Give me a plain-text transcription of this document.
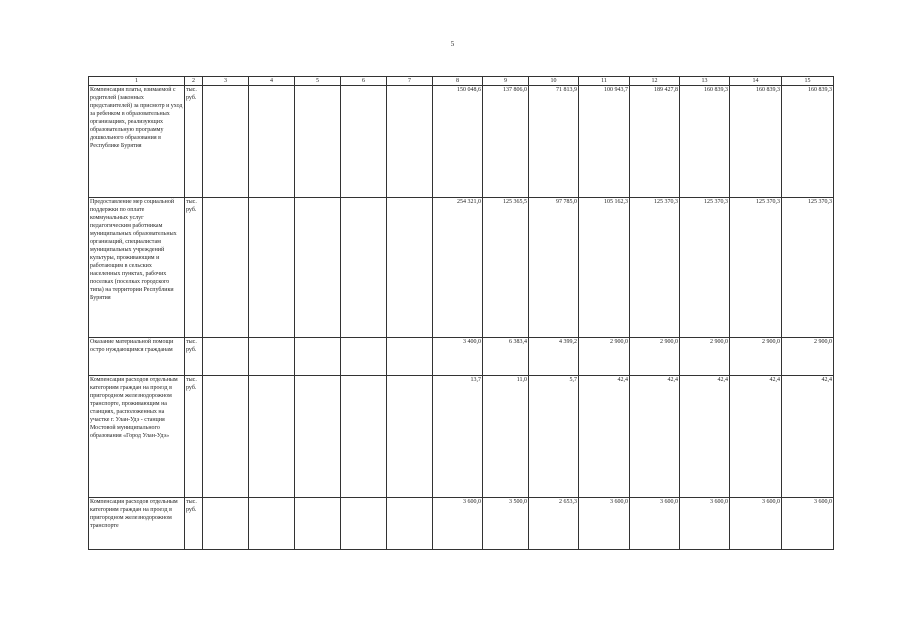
5
1	2	3	4	5	6	7	8	9	10	11	12	13	14	15
Компенсация платы, взимаемой с родителей (законных представителей) за присмотр и уход за ребенком в образовательных организациях, реализующих образовательную программу дошкольного образования в Республике Бурятия	тыс. руб.						150 048,6	137 806,0	71 813,9	100 943,7	189 427,8	160 839,3	160 839,3	160 839,3
Предоставление мер социальной поддержки по оплате коммунальных услуг педагогическим работникам муниципальных образовательных организаций, специалистам муниципальных учреждений культуры, проживающим и работающим в сельских населенных пунктах, рабочих поселках (поселках городского типа) на территории Республики Бурятия	тыс. руб.						254 321,0	125 365,5	97 785,0	105 162,3	125 370,3	125 370,3	125 370,3	125 370,3
Оказание материальной помощи остро нуждающимся гражданам	тыс. руб.						3 400,0	6 383,4	4 399,2	2 900,0	2 900,0	2 900,0	2 900,0	2 900,0
Компенсация расходов отдельным категориям граждан на проезд в пригородном железнодорожном транспорте, проживающим на станциях, расположенных на участке г. Улан-Удэ - станция Мостовой муниципального образования «Город Улан-Удэ»	тыс. руб.						13,7	11,0	5,7	42,4	42,4	42,4	42,4	42,4
Компенсация расходов отдельным категориям граждан на проезд в пригородном железнодорожном транспорте	тыс. руб.						3 600,0	3 500,0	2 653,3	3 600,0	3 600,0	3 600,0	3 600,0	3 600,0
